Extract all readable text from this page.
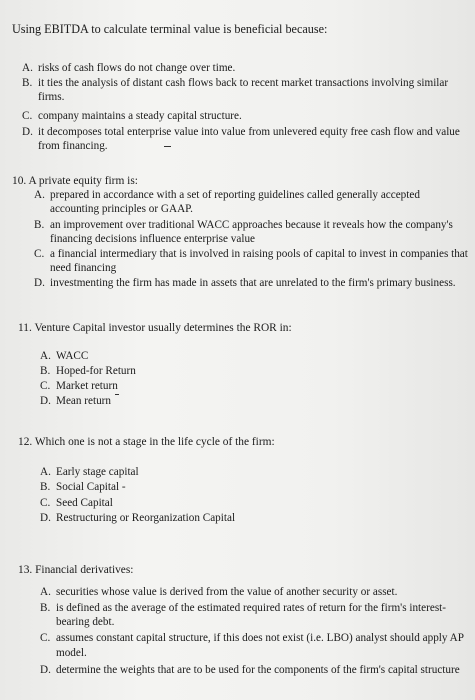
Using EBITDA to calculate terminal value is beneficial because:
A. risks of cash flows do not change over time.
B. it ties the analysis of distant cash flows back to recent market transactions involving similar firms.
C. company maintains a steady capital structure.
D. it decomposes total enterprise value into value from unlevered equity free cash flow and value from financing.
10. A private equity firm is:
A. prepared in accordance with a set of reporting guidelines called generally accepted accounting principles or GAAP.
B. an improvement over traditional WACC approaches because it reveals how the company's financing decisions influence enterprise value
C. a financial intermediary that is involved in raising pools of capital to invest in companies that need financing
D. investmenting the firm has made in assets that are unrelated to the firm's primary business.
11. Venture Capital investor usually determines the ROR in:
A. WACC
B. Hoped-for Return
C. Market return
D. Mean return
12. Which one is not a stage in the life cycle of the firm:
A. Early stage capital
B. Social Capital -
C. Seed Capital
D. Restructuring or Reorganization Capital
13. Financial derivatives:
A. securities whose value is derived from the value of another security or asset.
B. is defined as the average of the estimated required rates of return for the firm's interest-bearing debt.
C. assumes constant capital structure, if this does not exist (i.e. LBO) analyst should apply AP
model.
D. determine the weights that are to be used for the components of the firm's capital structure
